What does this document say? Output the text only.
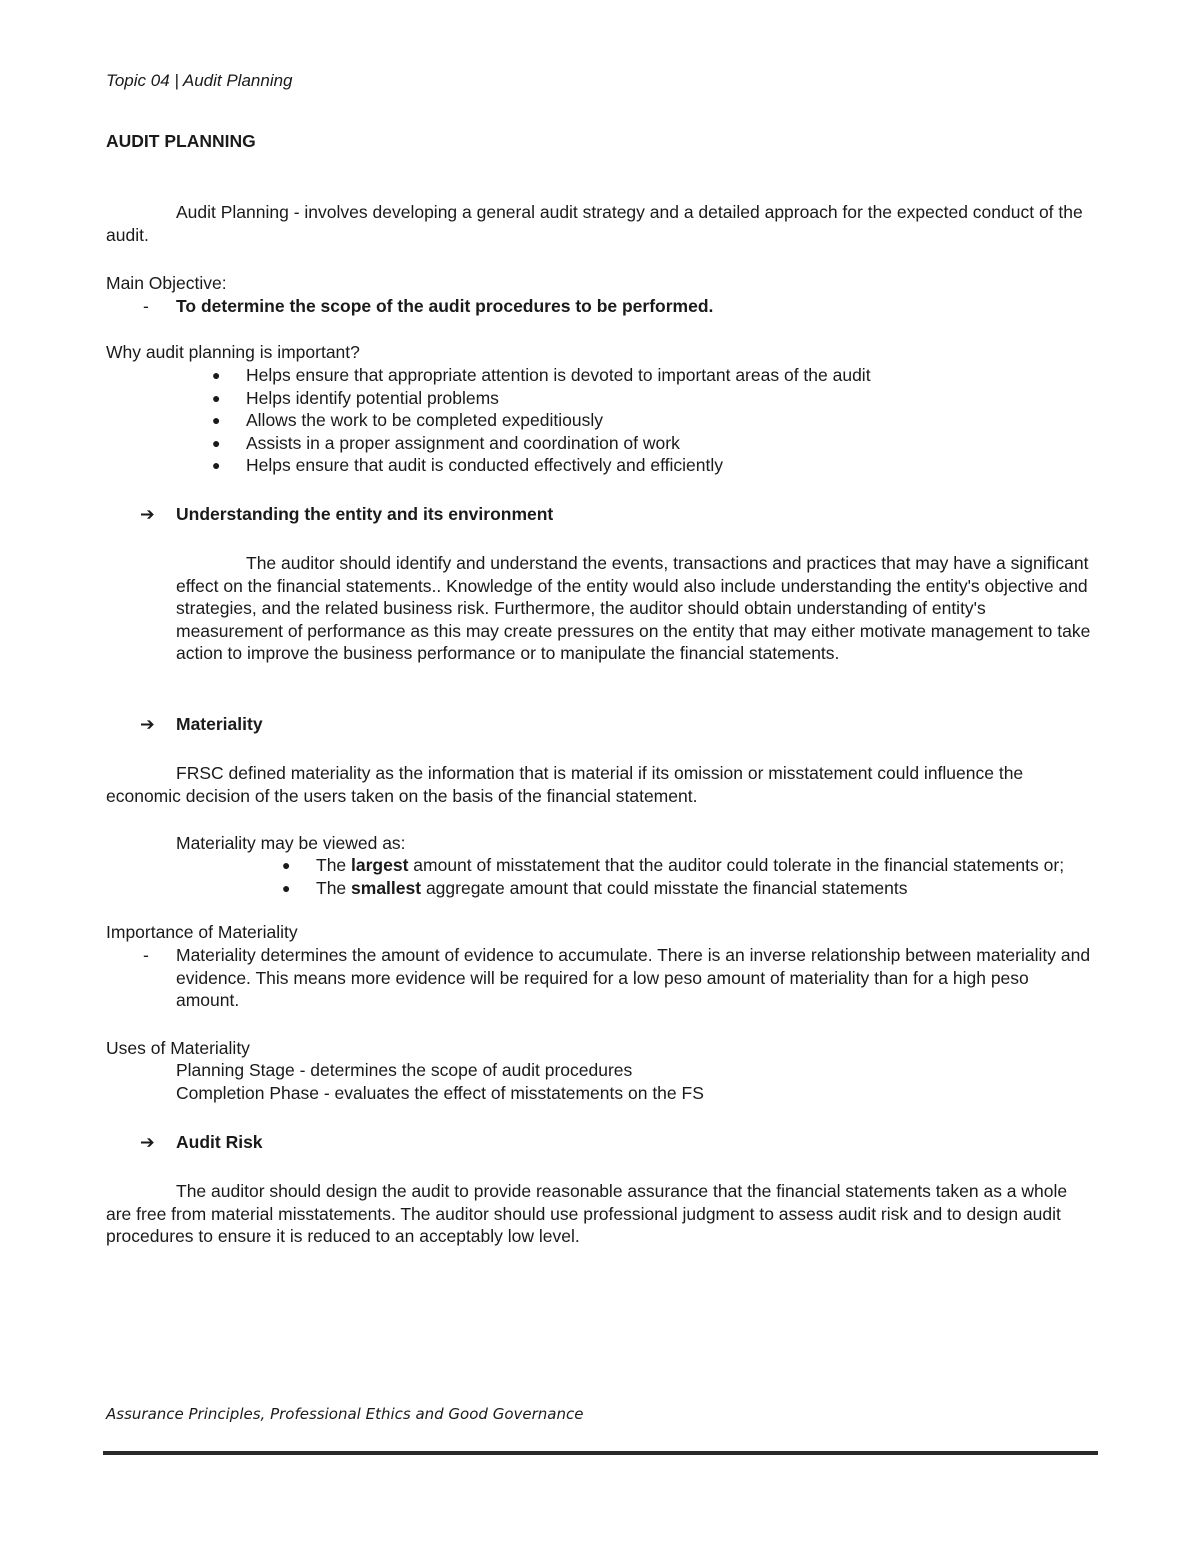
Topic 04 | Audit Planning
AUDIT PLANNING

Audit Planning - involves developing a general audit strategy and a detailed approach for the expected conduct of the audit.

Main Objective:
- To determine the scope of the audit procedures to be performed.
Why audit planning is important?
● Helps ensure that appropriate attention is devoted to important areas of the audit
● Helps identify potential problems
● Allows the work to be completed expeditiously
● Assists in a proper assignment and coordination of work
● Helps ensure that audit is conducted effectively and efficiently
➔ Understanding the entity and its environment

The auditor should identify and understand the events, transactions and practices that may have a significant effect on the financial statements.. Knowledge of the entity would also include understanding the entity's objective and strategies, and the related business risk. Furthermore, the auditor should obtain understanding of entity's measurement of performance as this may create pressures on the entity that may either motivate management to take action to improve the business performance or to manipulate the financial statements.

➔ Materiality

FRSC defined materiality as the information that is material if its omission or misstatement could influence the economic decision of the users taken on the basis of the financial statement.

Materiality may be viewed as:
● The largest amount of misstatement that the auditor could tolerate in the financial statements or;
● The smallest aggregate amount that could misstate the financial statements
Importance of Materiality
- Materiality determines the amount of evidence to accumulate. There is an inverse relationship between materiality and evidence. This means more evidence will be required for a low peso amount of materiality than for a high peso amount.
Uses of Materiality
Planning Stage - determines the scope of audit procedures
Completion Phase - evaluates the effect of misstatements on the FS
➔ Audit Risk

The auditor should design the audit to provide reasonable assurance that the financial statements taken as a whole are free from material misstatements. The auditor should use professional judgment to assess audit risk and to design audit procedures to ensure it is reduced to an acceptably low level.

Assurance Principles, Professional Ethics and Good Governance
